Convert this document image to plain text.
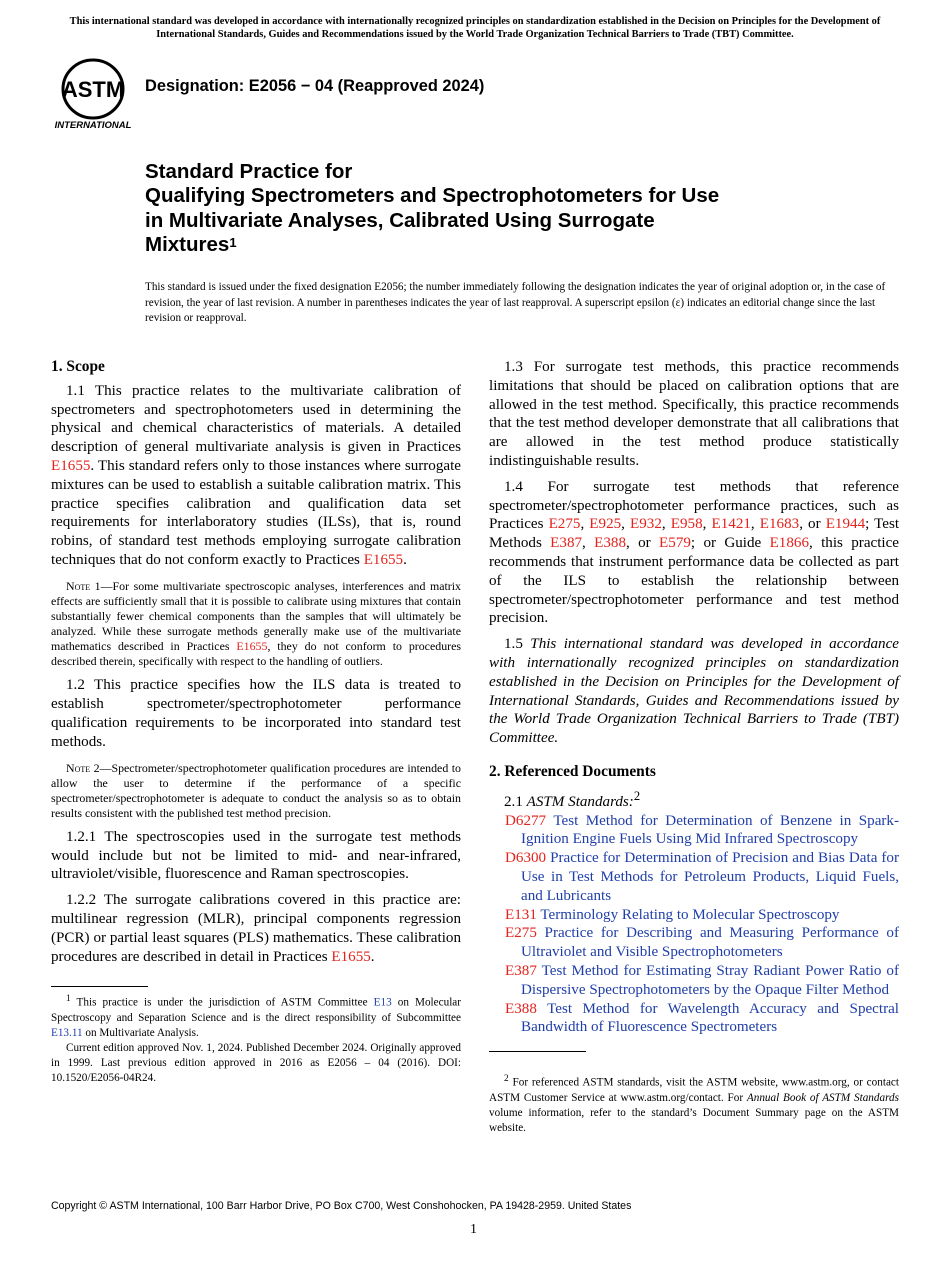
This international standard was developed in accordance with internationally recognized principles on standardization established in the Decision on Principles for the Development of International Standards, Guides and Recommendations issued by the World Trade Organization Technical Barriers to Trade (TBT) Committee.
ASTM
INTERNATIONAL
Designation: E2056 − 04 (Reapproved 2024)
Standard Practice for
Qualifying Spectrometers and Spectrophotometers for Use
in Multivariate Analyses, Calibrated Using Surrogate
Mixtures$^1$
This standard is issued under the fixed designation E2056; the number immediately following the designation indicates the year of original adoption or, in the case of revision, the year of last revision. A number in parentheses indicates the year of last reapproval. A superscript epsilon (ε) indicates an editorial change since the last revision or reapproval.
1. Scope

1.1 This practice relates to the multivariate calibration of spectrometers and spectrophotometers used in determining the physical and chemical characteristics of materials. A detailed description of general multivariate analysis is given in Practices E1655. This standard refers only to those instances where surrogate mixtures can be used to establish a suitable calibration matrix. This practice specifies calibration and qualification data set requirements for interlaboratory studies (ILSs), that is, round robins, of standard test methods employing surrogate calibration techniques that do not conform exactly to Practices E1655.

Note 1—For some multivariate spectroscopic analyses, interferences and matrix effects are sufficiently small that it is possible to calibrate using mixtures that contain substantially fewer chemical components than the samples that will ultimately be analyzed. While these surrogate methods generally make use of the multivariate mathematics described in Practices E1655, they do not conform to procedures described therein, specifically with respect to the handling of outliers.

1.2 This practice specifies how the ILS data is treated to establish spectrometer/spectrophotometer performance qualification requirements to be incorporated into standard test methods.

Note 2—Spectrometer/spectrophotometer qualification procedures are intended to allow the user to determine if the performance of a specific spectrometer/spectrophotometer is adequate to conduct the analysis so as to obtain results consistent with the published test method precision.

1.2.1 The spectroscopies used in the surrogate test methods would include but not be limited to mid- and near-infrared, ultraviolet/visible, fluorescence and Raman spectroscopies.

1.2.2 The surrogate calibrations covered in this practice are: multilinear regression (MLR), principal components regression (PCR) or partial least squares (PLS) mathematics. These calibration procedures are described in detail in Practices E1655.

$^1$ This practice is under the jurisdiction of ASTM Committee E13 on Molecular Spectroscopy and Separation Science and is the direct responsibility of Subcommittee E13.11 on Multivariate Analysis.

Current edition approved Nov. 1, 2024. Published December 2024. Originally approved in 1999. Last previous edition approved in 2016 as E2056 – 04 (2016). DOI: 10.1520/E2056-04R24.

1.3 For surrogate test methods, this practice recommends limitations that should be placed on calibration options that are allowed in the test method. Specifically, this practice recommends that the test method developer demonstrate that all calibrations that are allowed in the test method produce statistically indistinguishable results.

1.4 For surrogate test methods that reference spectrometer/spectrophotometer performance practices, such as Practices E275, E925, E932, E958, E1421, E1683, or E1944; Test Methods E387, E388, or E579; or Guide E1866, this practice recommends that instrument performance data be collected as part of the ILS to establish the relationship between spectrometer/spectrophotometer performance and test method precision.

1.5 This international standard was developed in accordance with internationally recognized principles on standardization established in the Decision on Principles for the Development of International Standards, Guides and Recommendations issued by the World Trade Organization Technical Barriers to Trade (TBT) Committee.

2. Referenced Documents

2.1 ASTM Standards:$^2$

D6277 Test Method for Determination of Benzene in Spark-Ignition Engine Fuels Using Mid Infrared Spectroscopy

D6300 Practice for Determination of Precision and Bias Data for Use in Test Methods for Petroleum Products, Liquid Fuels, and Lubricants

E131 Terminology Relating to Molecular Spectroscopy

E275 Practice for Describing and Measuring Performance of Ultraviolet and Visible Spectrophotometers

E387 Test Method for Estimating Stray Radiant Power Ratio of Dispersive Spectrophotometers by the Opaque Filter Method

E388 Test Method for Wavelength Accuracy and Spectral Bandwidth of Fluorescence Spectrometers

$^2$ For referenced ASTM standards, visit the ASTM website, www.astm.org, or contact ASTM Customer Service at www.astm.org/contact. For Annual Book of ASTM Standards volume information, refer to the standard’s Document Summary page on the ASTM website.

Copyright © ASTM International, 100 Barr Harbor Drive, PO Box C700, West Conshohocken, PA 19428-2959. United States
1
